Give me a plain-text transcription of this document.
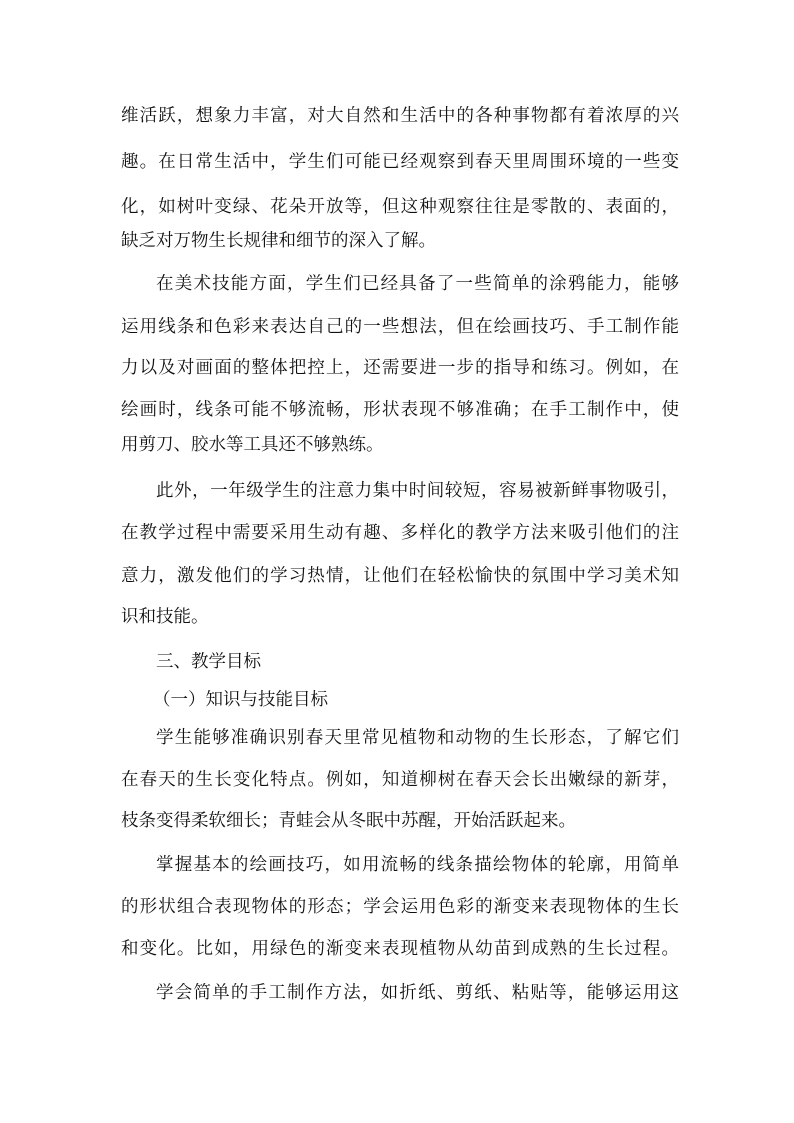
维活跃，想象力丰富，对大自然和生活中的各种事物都有着浓厚的兴
趣。在日常生活中，学生们可能已经观察到春天里周围环境的一些变
化，如树叶变绿、花朵开放等，但这种观察往往是零散的、表面的，
缺乏对万物生长规律和细节的深入了解。
在美术技能方面，学生们已经具备了一些简单的涂鸦能力，能够
运用线条和色彩来表达自己的一些想法，但在绘画技巧、手工制作能
力以及对画面的整体把控上，还需要进一步的指导和练习。例如，在
绘画时，线条可能不够流畅，形状表现不够准确；在手工制作中，使
用剪刀、胶水等工具还不够熟练。
此外，一年级学生的注意力集中时间较短，容易被新鲜事物吸引，
在教学过程中需要采用生动有趣、多样化的教学方法来吸引他们的注
意力，激发他们的学习热情，让他们在轻松愉快的氛围中学习美术知
识和技能。
三、教学目标
（一）知识与技能目标
学生能够准确识别春天里常见植物和动物的生长形态，了解它们
在春天的生长变化特点。例如，知道柳树在春天会长出嫩绿的新芽，
枝条变得柔软细长；青蛙会从冬眠中苏醒，开始活跃起来。
掌握基本的绘画技巧，如用流畅的线条描绘物体的轮廓，用简单
的形状组合表现物体的形态；学会运用色彩的渐变来表现物体的生长
和变化。比如，用绿色的渐变来表现植物从幼苗到成熟的生长过程。
学会简单的手工制作方法，如折纸、剪纸、粘贴等，能够运用这
